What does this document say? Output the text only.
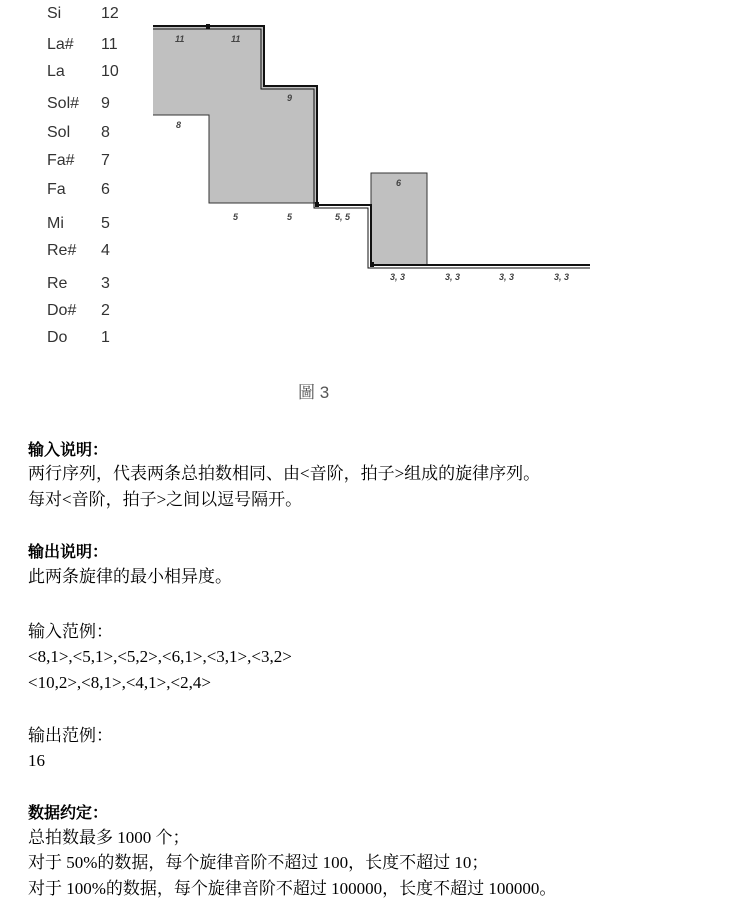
Si 12
La# 11
La 10
Sol# 9
Sol 8
Fa# 7
Fa 6
Mi 5
Re# 4
Re 3
Do# 2
Do 1
11	11
9
5, 5
3, 3	3, 3	3, 3	3, 3
8
5	5
6
圖 3
输入说明：
两行序列，代表两条总拍数相同、由<音阶，拍子>组成的旋律序列。
每对<音阶，拍子>之间以逗号隔开。
输出说明：
此两条旋律的最小相异度。
输入范例：
<8,1>,<5,1>,<5,2>,<6,1>,<3,1>,<3,2>
<10,2>,<8,1>,<4,1>,<2,4>
输出范例：
16
数据约定：
总拍数最多 1000 个；
对于 50%的数据，每个旋律音阶不超过 100，长度不超过 10；
对于 100%的数据，每个旋律音阶不超过 100000，长度不超过 100000。
